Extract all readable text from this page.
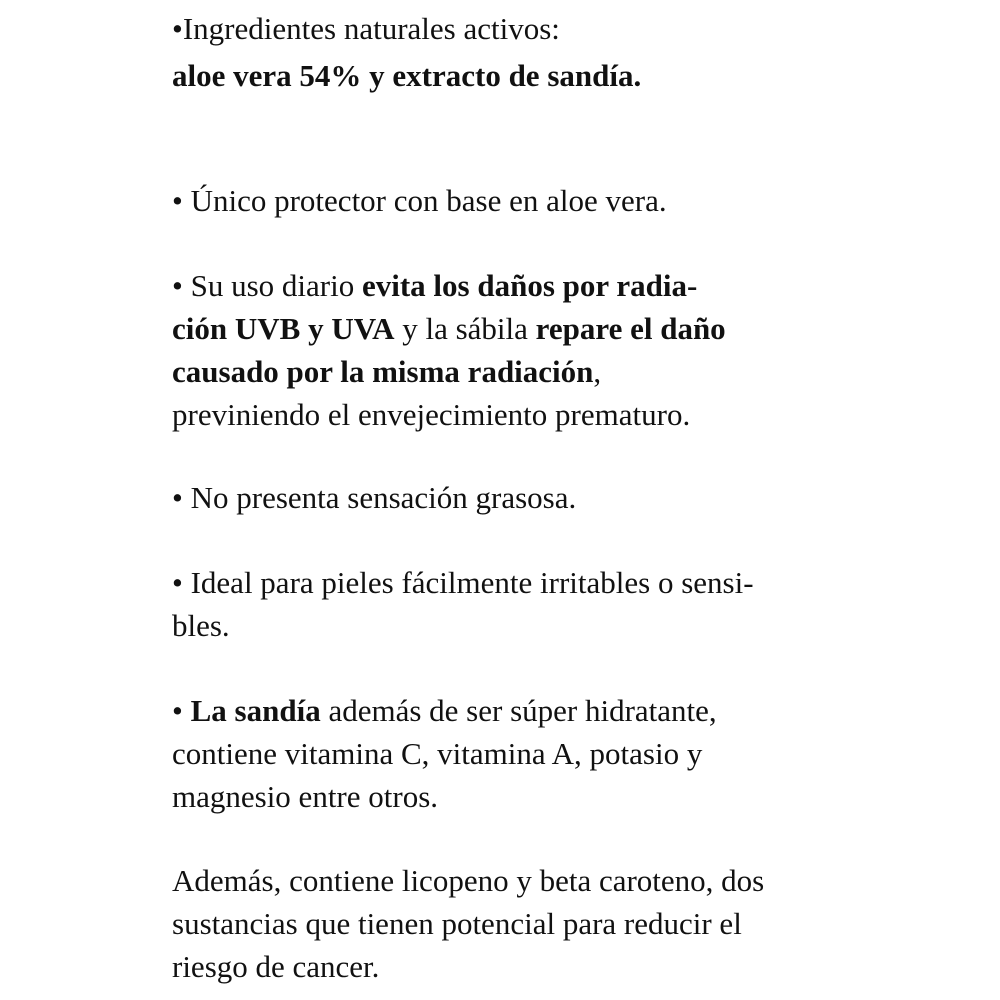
•Ingredientes naturales activos:
aloe vera 54% y extracto de sandía.
• Único protector con base en aloe vera.
• Su uso diario evita los daños por radia-
ción UVB y UVA y la sábila repare el daño
causado por la misma radiación,
previniendo el envejecimiento prematuro.
• No presenta sensación grasosa.
• Ideal para pieles fácilmente irritables o sensi-
bles.
• La sandía además de ser súper hidratante,
contiene vitamina C, vitamina A, potasio y
magnesio entre otros.
Además, contiene licopeno y beta caroteno, dos
sustancias que tienen potencial para reducir el
riesgo de cancer.
